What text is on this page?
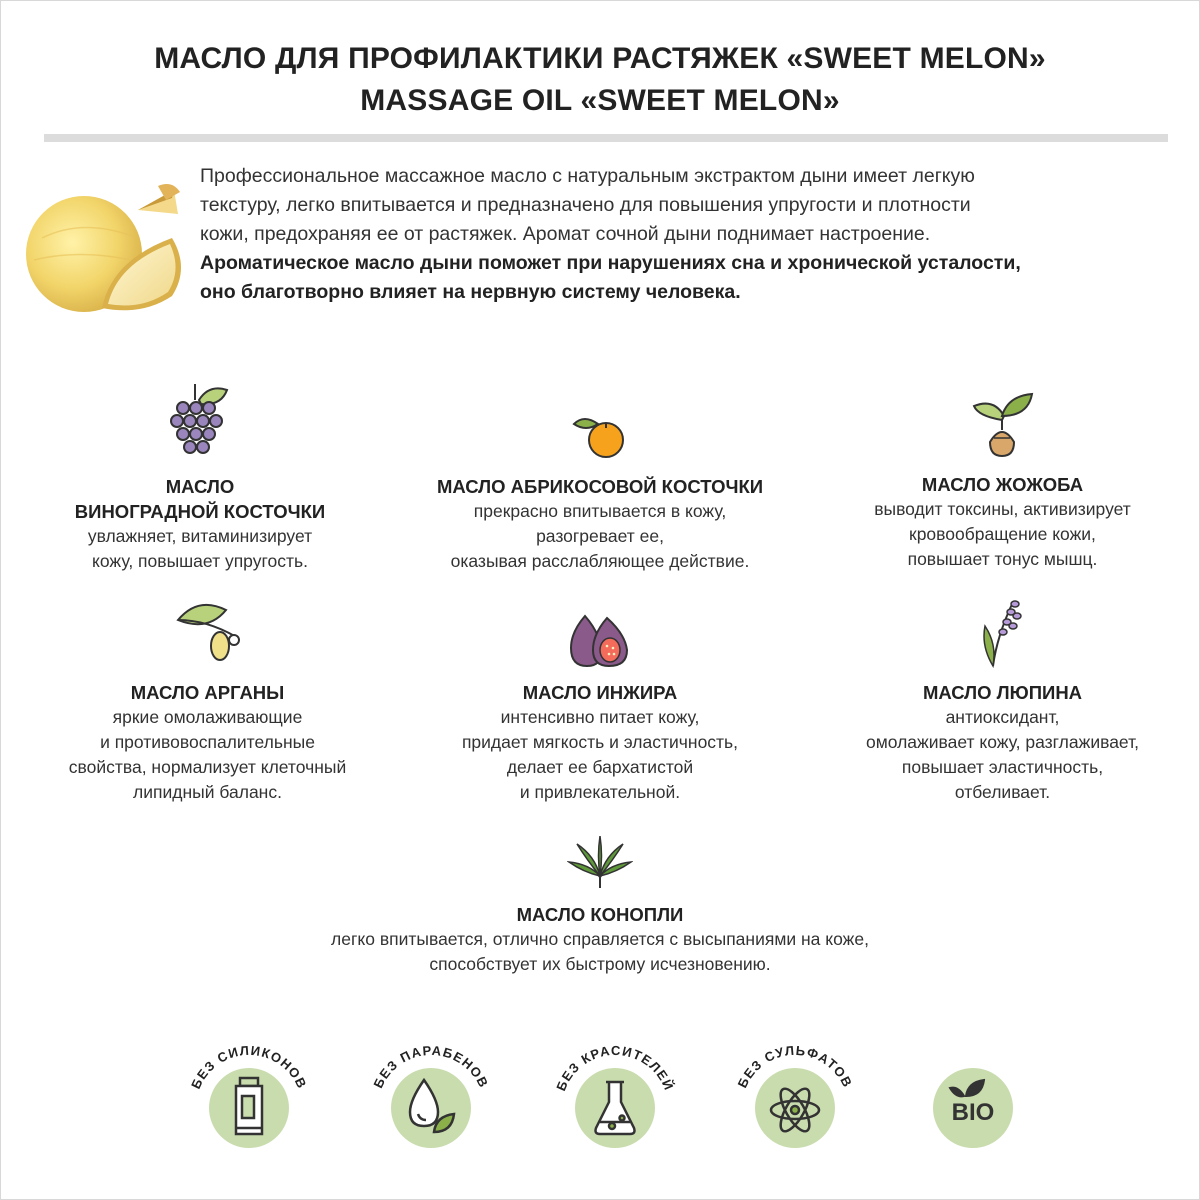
МАСЛО ДЛЯ ПРОФИЛАКТИКИ РАСТЯЖЕК «SWEET MELON»
MASSAGE OIL «SWEET MELON»
Профессиональное массажное масло с натуральным экстрактом дыни имеет легкую
текстуру, легко впитывается и предназначено для повышения упругости и плотности
кожи, предохраняя ее от растяжек. Аромат сочной дыни поднимает настроение.
Ароматическое масло дыни поможет при нарушениях сна и хронической усталости,
оно благотворно влияет на нервную систему человека.
МАСЛО
ВИНОГРАДНОЙ КОСТОЧКИ
увлажняет, витаминизирует
кожу, повышает упругость.
МАСЛО АБРИКОСОВОЙ КОСТОЧКИ
прекрасно впитывается в кожу,
разогревает ее,
оказывая расслабляющее действие.
МАСЛО ЖОЖОБА
выводит токсины, активизирует
кровообращение кожи,
повышает тонус мышц.
МАСЛО АРГАНЫ
яркие омолаживающие
и противовоспалительные
свойства, нормализует клеточный
липидный баланс.
МАСЛО ИНЖИРА
интенсивно питает кожу,
придает мягкость и эластичность,
делает ее бархатистой
и привлекательной.
МАСЛО ЛЮПИНА
антиоксидант,
омолаживает кожу, разглаживает,
повышает эластичность,
отбеливает.
МАСЛО КОНОПЛИ
легко впитывается, отлично справляется с высыпаниями на коже,
способствует их быстрому исчезновению.
БЕЗ СИЛИКОНОВ	БЕЗ ПАРАБЕНОВ	БЕЗ КРАСИТЕЛЕЙ	БЕЗ СУЛЬФАТОВ
BIO
